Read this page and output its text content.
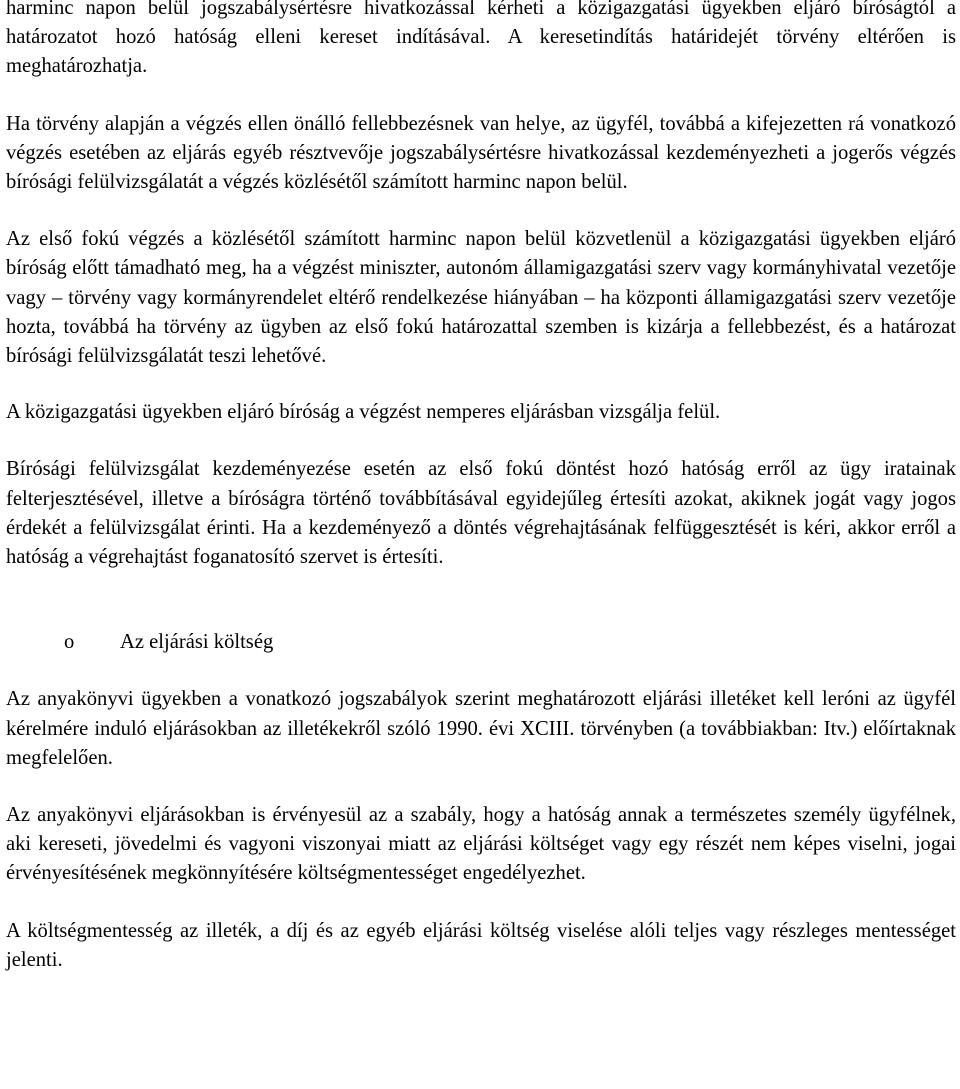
harminc napon belül jogszabálysértésre hivatkozással kérheti a közigazgatási ügyekben eljáró bíróságtól a határozatot hozó hatóság elleni kereset indításával. A keresetindítás határidejét törvény eltérően is meghatározhatja.

Ha törvény alapján a végzés ellen önálló fellebbezésnek van helye, az ügyfél, továbbá a kifejezetten rá vonatkozó végzés esetében az eljárás egyéb résztvevője jogszabálysértésre hivatkozással kezdeményezheti a jogerős végzés bírósági felülvizsgálatát a végzés közlésétől számított harminc napon belül.

Az első fokú végzés a közlésétől számított harminc napon belül közvetlenül a közigazgatási ügyekben eljáró bíróság előtt támadható meg, ha a végzést miniszter, autonóm államigazgatási szerv vagy kormányhivatal vezetője vagy – törvény vagy kormányrendelet eltérő rendelkezése hiányában – ha központi államigazgatási szerv vezetője hozta, továbbá ha törvény az ügyben az első fokú határozattal szemben is kizárja a fellebbezést, és a határozat bírósági felülvizsgálatát teszi lehetővé.

A közigazgatási ügyekben eljáró bíróság a végzést nemperes eljárásban vizsgálja felül.

Bírósági felülvizsgálat kezdeményezése esetén az első fokú döntést hozó hatóság erről az ügy iratainak felterjesztésével, illetve a bíróságra történő továbbításával egyidejűleg értesíti azokat, akiknek jogát vagy jogos érdekét a felülvizsgálat érinti. Ha a kezdeményező a döntés végrehajtásának felfüggesztését is kéri, akkor erről a hatóság a végrehajtást foganatosító szervet is értesíti.

o	Az eljárási költség

Az anyakönyvi ügyekben a vonatkozó jogszabályok szerint meghatározott eljárási illetéket kell leróni az ügyfél kérelmére induló eljárásokban az illetékekről szóló 1990. évi XCIII. törvényben (a továbbiakban: Itv.) előírtaknak megfelelően.

Az anyakönyvi eljárásokban is érvényesül az a szabály, hogy a hatóság annak a természetes személy ügyfélnek, aki kereseti, jövedelmi és vagyoni viszonyai miatt az eljárási költséget vagy egy részét nem képes viselni, jogai érvényesítésének megkönnyítésére költségmentességet engedélyezhet.

A költségmentesség az illeték, a díj és az egyéb eljárási költség viselése alóli teljes vagy részleges mentességet jelenti.
